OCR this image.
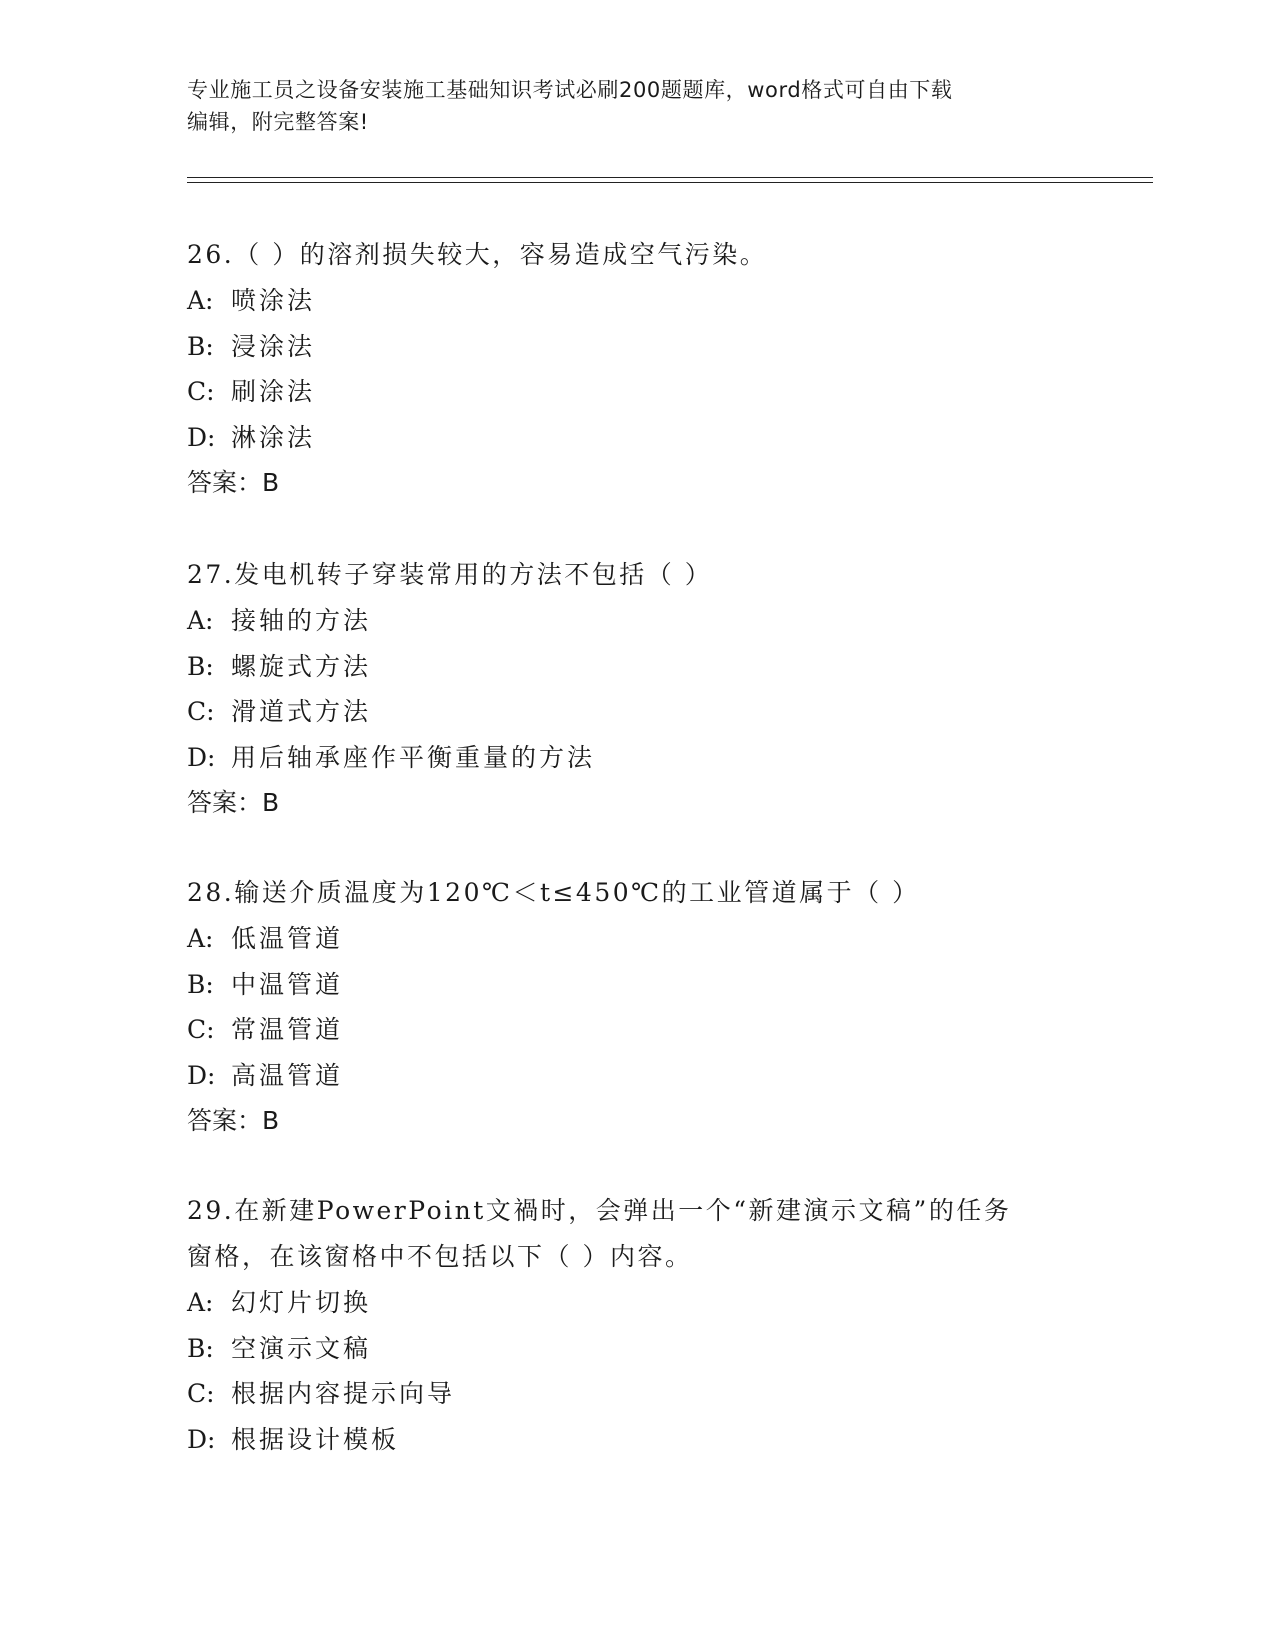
专业施工员之设备安装施工基础知识考试必刷200题题库，word格式可自由下载
编辑，附完整答案!
26.（ ）的溶剂损失较大，容易造成空气污染。
A: 喷涂法
B: 浸涂法
C: 刷涂法
D: 淋涂法
答案：B
27.发电机转子穿装常用的方法不包括（ ）
A: 接轴的方法
B: 螺旋式方法
C: 滑道式方法
D: 用后轴承座作平衡重量的方法
答案：B
28.输送介质温度为120℃＜t≤450℃的工业管道属于（ ）
A: 低温管道
B: 中温管道
C: 常温管道
D: 高温管道
答案：B
29.在新建PowerPoint文禍时，会弹出一个“新建演示文稿”的任务
窗格，在该窗格中不包括以下（ ）内容。
A: 幻灯片切换
B: 空演示文稿
C: 根据内容提示向导
D: 根据设计模板
